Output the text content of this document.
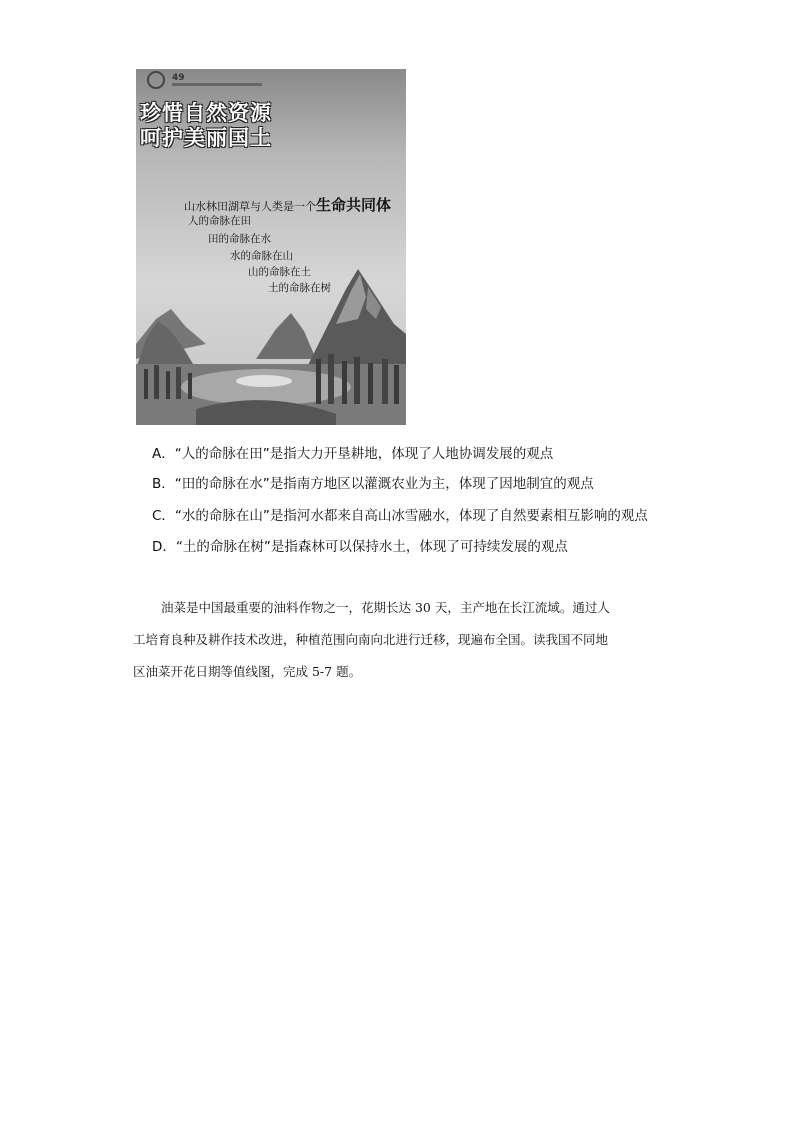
49
珍惜自然资源
呵护美丽国土
山水林田湖草与人类是一个生命共同体
人的命脉在田
田的命脉在水
水的命脉在山
山的命脉在土
土的命脉在树
A．“人的命脉在田”是指大力开垦耕地，体现了人地协调发展的观点
B．“田的命脉在水”是指南方地区以灌溉农业为主，体现了因地制宜的观点
C．“水的命脉在山”是指河水都来自高山冰雪融水，体现了自然要素相互影响的观点
D．“土的命脉在树”是指森林可以保持水土，体现了可持续发展的观点
油菜是中国最重要的油料作物之一，花期长达 30 天，主产地在长江流域。通过人
工培育良种及耕作技术改进，种植范围向南向北进行迁移，现遍布全国。读我国不同地
区油菜开花日期等值线图，完成 5-7 题。
